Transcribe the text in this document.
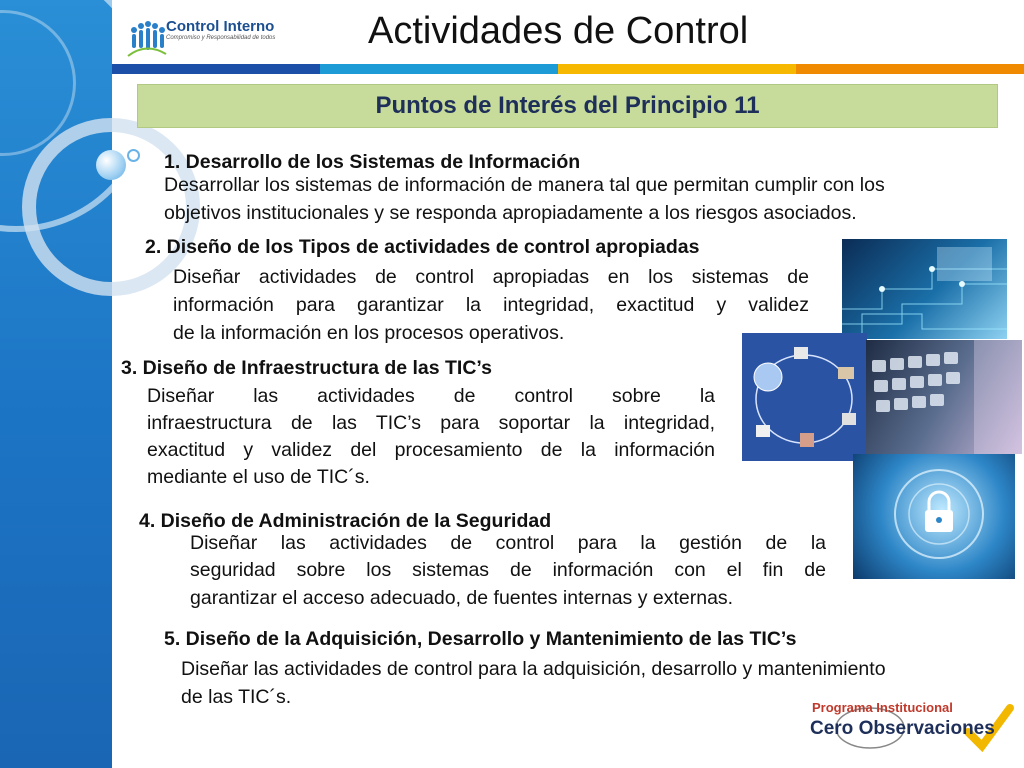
Control Interno
Compromiso y Responsabilidad de todos Actividades de Control
Puntos de Interés del Principio 11
1. Desarrollo de los Sistemas de Información
Desarrollar los sistemas de información de manera tal que permitan cumplir con los
objetivos institucionales y se responda apropiadamente a los riesgos asociados.
2. Diseño de los Tipos de actividades de control apropiadas
Diseñar actividades de control apropiadas en los sistemas de
información para garantizar la integridad, exactitud y validez
de la información en los procesos operativos.
3. Diseño de Infraestructura de las TIC’s
Diseñar las actividades de control sobre la
infraestructura de las TIC’s para soportar la integridad,
exactitud y validez del procesamiento de la información
mediante el uso de TIC´s.
4. Diseño de Administración de la Seguridad
Diseñar las actividades de control para la gestión de la
seguridad sobre los sistemas de información con el fin de
garantizar el acceso adecuado, de fuentes internas y externas.
5. Diseño de la Adquisición, Desarrollo y Mantenimiento de las TIC’s
Diseñar las actividades de control para la adquisición, desarrollo y mantenimiento
de las TIC´s.	Programa Institucional
Cero Observaciones
